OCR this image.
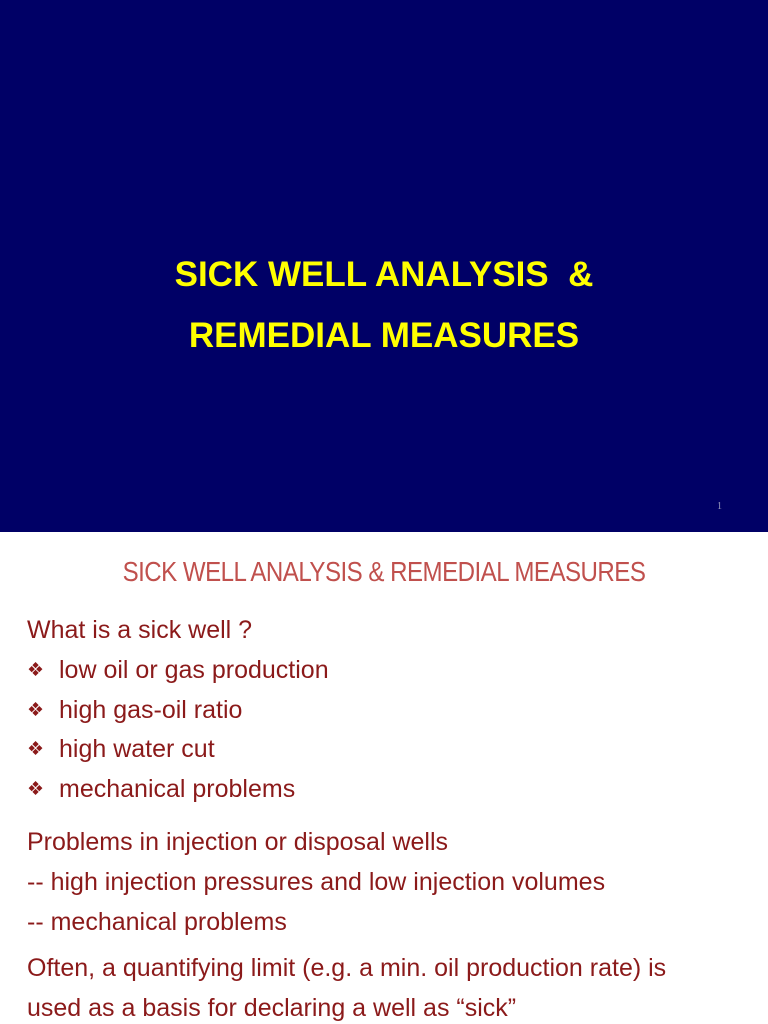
SICK WELL ANALYSIS  &
REMEDIAL MEASURES
1
SICK WELL ANALYSIS & REMEDIAL MEASURES
What is a sick well ?
❖ low oil or gas production
❖ high gas-oil ratio
❖ high water cut
❖ mechanical problems
Problems in injection or disposal wells
-- high injection pressures and low injection volumes
-- mechanical problems
Often, a quantifying limit (e.g. a min. oil production rate) is
used as a basis for declaring a well as “sick”
